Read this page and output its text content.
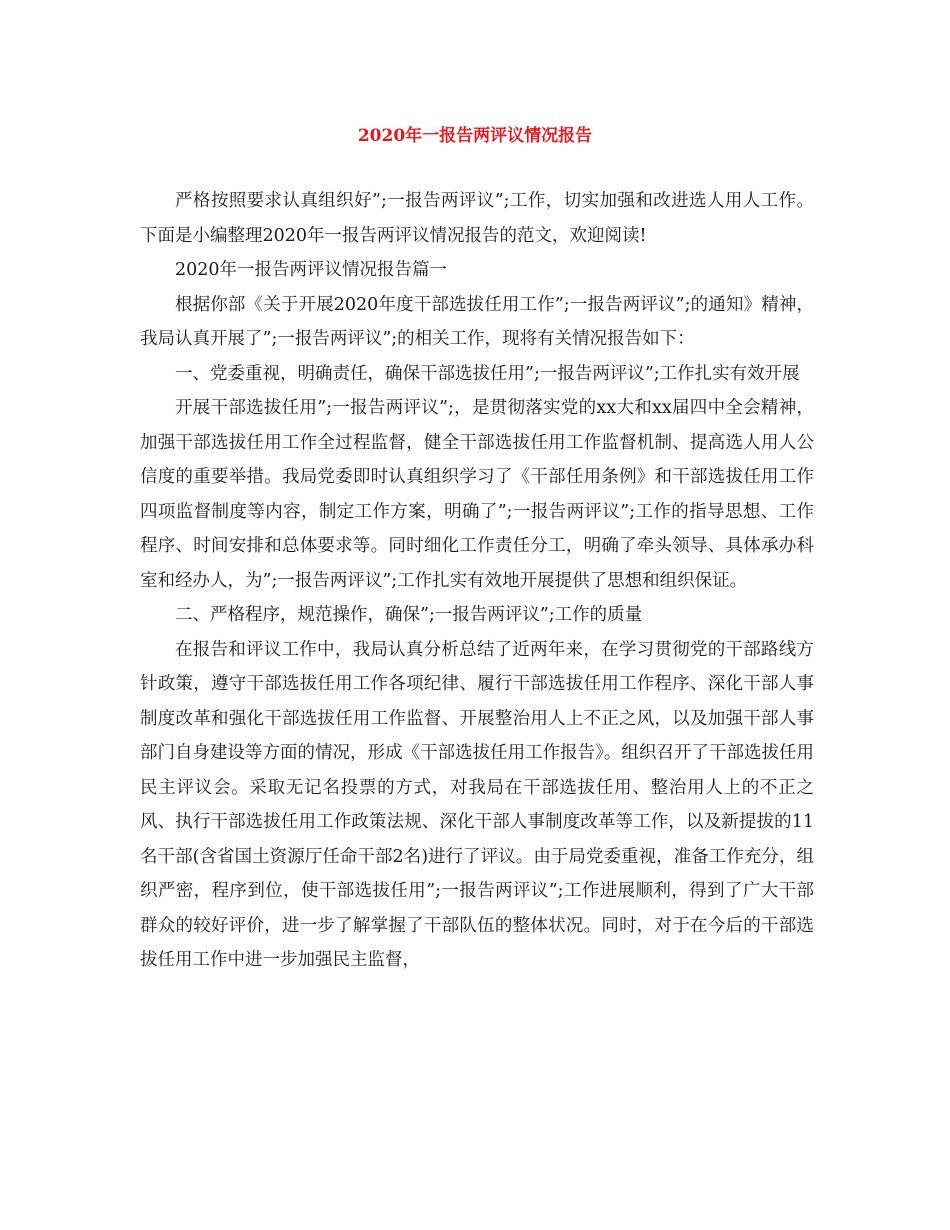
2020年一报告两评议情况报告

严格按照要求认真组织好”;一报告两评议”;工作，切实加强和改进选人用人工作。下面是小编整理2020年一报告两评议情况报告的范文，欢迎阅读!

2020年一报告两评议情况报告篇一

根据你部《关于开展2020年度干部选拔任用工作”;一报告两评议”;的通知》精神，我局认真开展了”;一报告两评议”;的相关工作，现将有关情况报告如下：

一、党委重视，明确责任，确保干部选拔任用”;一报告两评议”;工作扎实有效开展

开展干部选拔任用”;一报告两评议”;，是贯彻落实党的xx大和xx届四中全会精神，加强干部选拔任用工作全过程监督，健全干部选拔任用工作监督机制、提高选人用人公信度的重要举措。我局党委即时认真组织学习了《干部任用条例》和干部选拔任用工作四项监督制度等内容，制定工作方案，明确了”;一报告两评议”;工作的指导思想、工作程序、时间安排和总体要求等。同时细化工作责任分工，明确了牵头领导、具体承办科室和经办人，为”;一报告两评议”;工作扎实有效地开展提供了思想和组织保证。

二、严格程序，规范操作，确保”;一报告两评议”;工作的质量

在报告和评议工作中，我局认真分析总结了近两年来，在学习贯彻党的干部路线方针政策，遵守干部选拔任用工作各项纪律、履行干部选拔任用工作程序、深化干部人事制度改革和强化干部选拔任用工作监督、开展整治用人上不正之风，以及加强干部人事部门自身建设等方面的情况，形成《干部选拔任用工作报告》。组织召开了干部选拔任用民主评议会。采取无记名投票的方式，对我局在干部选拔任用、整治用人上的不正之风、执行干部选拔任用工作政策法规、深化干部人事制度改革等工作，以及新提拔的11名干部(含省国土资源厅任命干部2名)进行了评议。由于局党委重视，准备工作充分，组织严密，程序到位，使干部选拔任用”;一报告两评议”;工作进展顺利，得到了广大干部群众的较好评价，进一步了解掌握了干部队伍的整体状况。同时，对于在今后的干部选拔任用工作中进一步加强民主监督，
